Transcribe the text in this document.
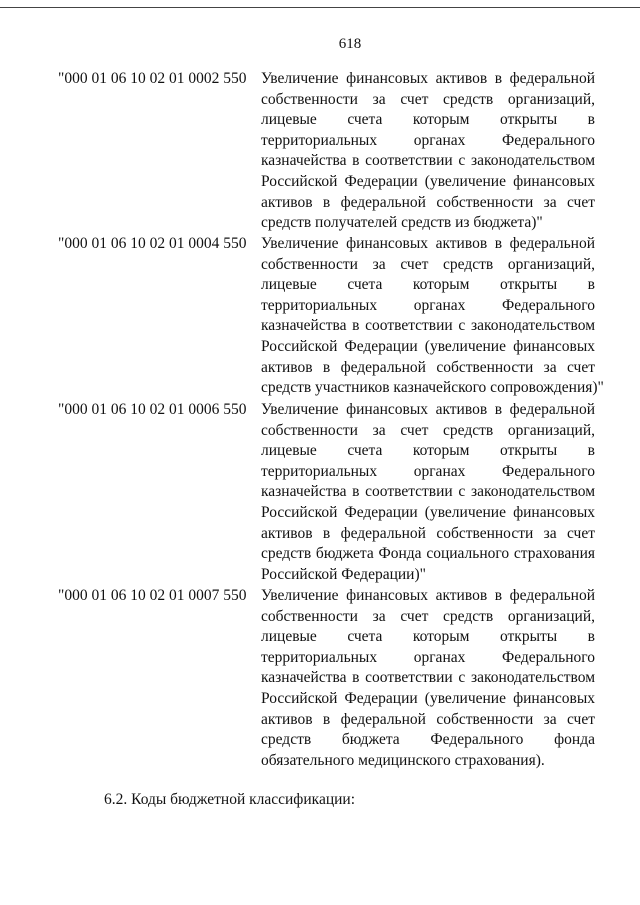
618
"000 01 06 10 02 01 0002 550 Увеличение финансовых активов в федеральной
собственности за счет средств организаций,
лицевые счета которым открыты в
территориальных органах Федерального
казначейства в соответствии с законодательством
Российской Федерации (увеличение финансовых
активов в федеральной собственности за счет
средств получателей средств из бюджета)"
"000 01 06 10 02 01 0004 550 Увеличение финансовых активов в федеральной
собственности за счет средств организаций,
лицевые счета которым открыты в
территориальных органах Федерального
казначейства в соответствии с законодательством
Российской Федерации (увеличение финансовых
активов в федеральной собственности за счет
средств участников казначейского сопровождения)"
"000 01 06 10 02 01 0006 550 Увеличение финансовых активов в федеральной
собственности за счет средств организаций,
лицевые счета которым открыты в
территориальных органах Федерального
казначейства в соответствии с законодательством
Российской Федерации (увеличение финансовых
активов в федеральной собственности за счет
средств бюджета Фонда социального страхования
Российской Федерации)"
"000 01 06 10 02 01 0007 550 Увеличение финансовых активов в федеральной
собственности за счет средств организаций,
лицевые счета которым открыты в
территориальных органах Федерального
казначейства в соответствии с законодательством
Российской Федерации (увеличение финансовых
активов в федеральной собственности за счет
средств бюджета Федерального фонда
обязательного медицинского страхования).
6.2. Коды бюджетной классификации:
